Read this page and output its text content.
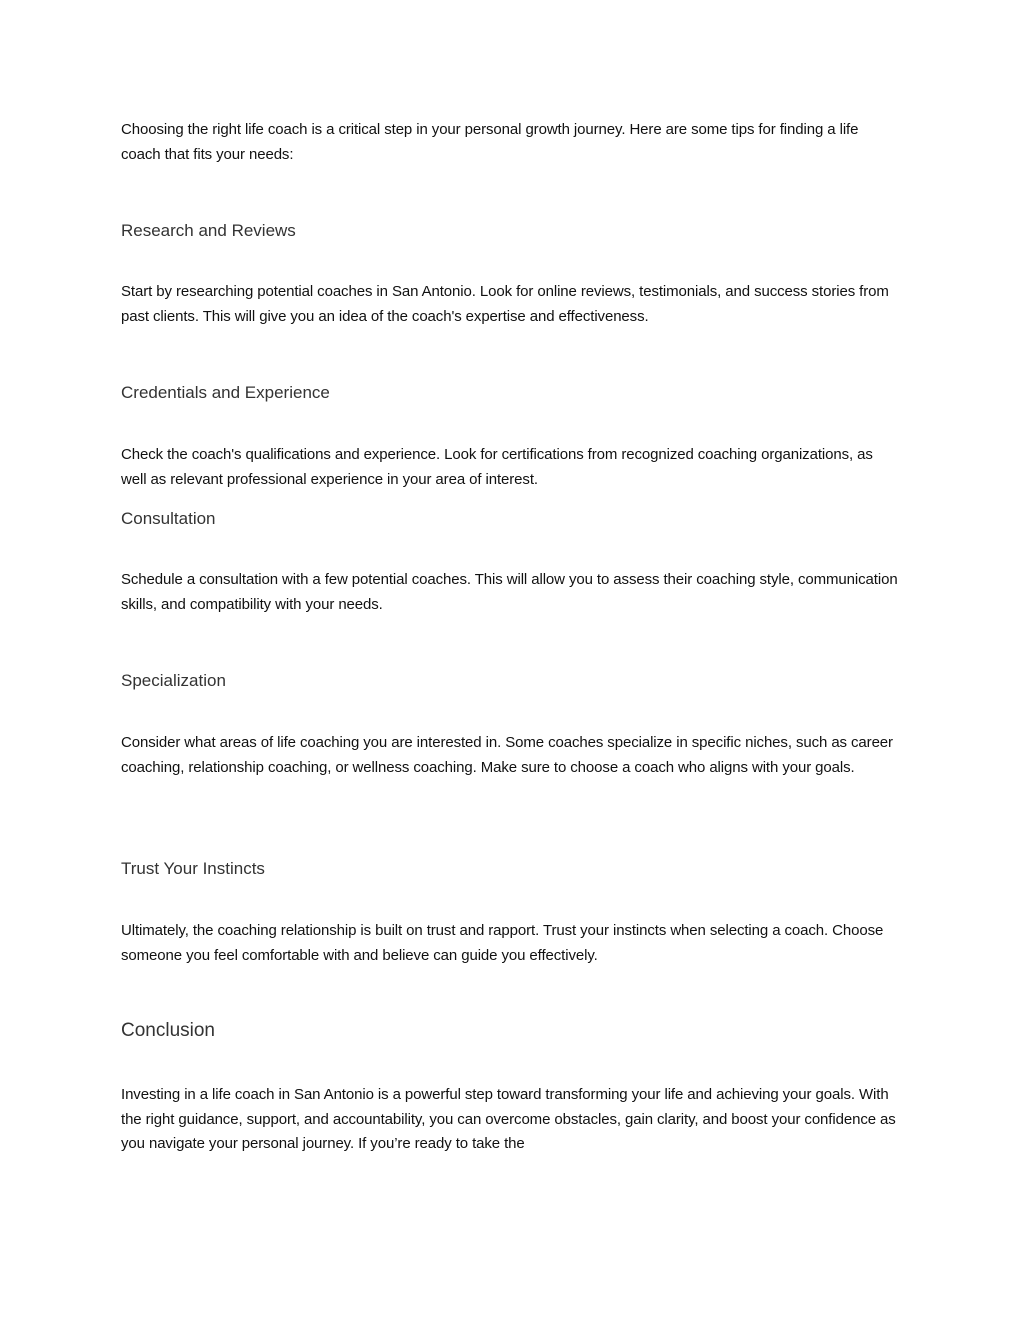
Choosing the right life coach is a critical step in your personal growth journey. Here are some tips for finding a life coach that fits your needs:

Research and Reviews

Start by researching potential coaches in San Antonio. Look for online reviews, testimonials, and success stories from past clients. This will give you an idea of the coach's expertise and effectiveness.

Credentials and Experience

Check the coach's qualifications and experience. Look for certifications from recognized coaching organizations, as well as relevant professional experience in your area of interest.

Consultation

Schedule a consultation with a few potential coaches. This will allow you to assess their coaching style, communication skills, and compatibility with your needs.

Specialization

Consider what areas of life coaching you are interested in. Some coaches specialize in specific niches, such as career coaching, relationship coaching, or wellness coaching. Make sure to choose a coach who aligns with your goals.

Trust Your Instincts

Ultimately, the coaching relationship is built on trust and rapport. Trust your instincts when selecting a coach. Choose someone you feel comfortable with and believe can guide you effectively.

Conclusion

Investing in a life coach in San Antonio is a powerful step toward transforming your life and achieving your goals. With the right guidance, support, and accountability, you can overcome obstacles, gain clarity, and boost your confidence as you navigate your personal journey. If you’re ready to take the
